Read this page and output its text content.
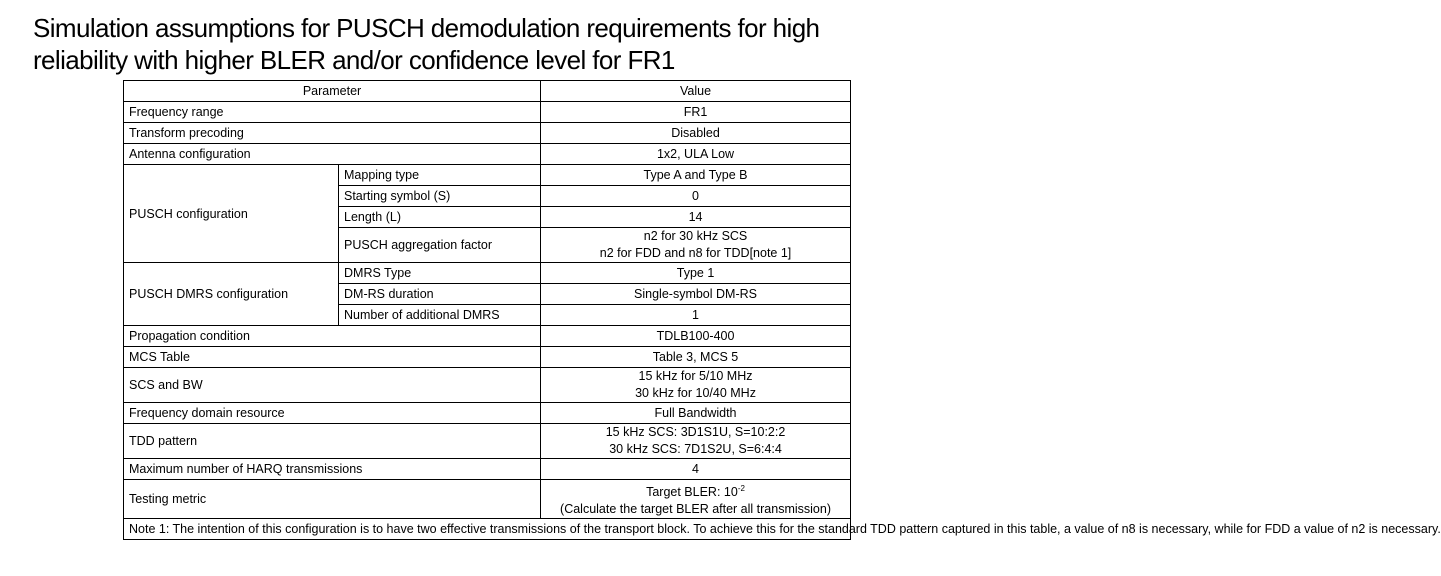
Simulation assumptions for PUSCH demodulation requirements for high
reliability with higher BLER and/or confidence level for FR1
Parameter		Value
Frequency range		FR1
Transform precoding		Disabled
Antenna configuration		1x2, ULA Low
PUSCH configuration	Mapping type	Type A and Type B
	Starting symbol (S)	0
	Length (L)	14
	PUSCH aggregation factor	n2 for 30 kHz SCS
n2 for FDD and n8 for TDD[note 1]

PUSCH DMRS configuration	DMRS Type	Type 1
	DM-RS duration	Single-symbol DM-RS
	Number of additional DMRS	1
Propagation condition		TDLB100-400
MCS Table		Table 3, MCS 5
SCS and BW		15 kHz for 5/10 MHz
30 kHz for 10/40 MHz

Frequency domain resource		Full Bandwidth
TDD pattern		15 kHz SCS: 3D1S1U, S=10:2:2
30 kHz SCS: 7D1S2U, S=6:4:4

Maximum number of HARQ transmissions		4
Testing metric		Target BLER: $10^{-2}$
(Calculate the target BLER after all transmission)

Note 1: The intention of this configuration is to have two effective transmissions of the transport block. To achieve this for the standard TDD pattern captured in this table, a value of n8 is necessary, while for FDD a value of n2 is necessary.		
